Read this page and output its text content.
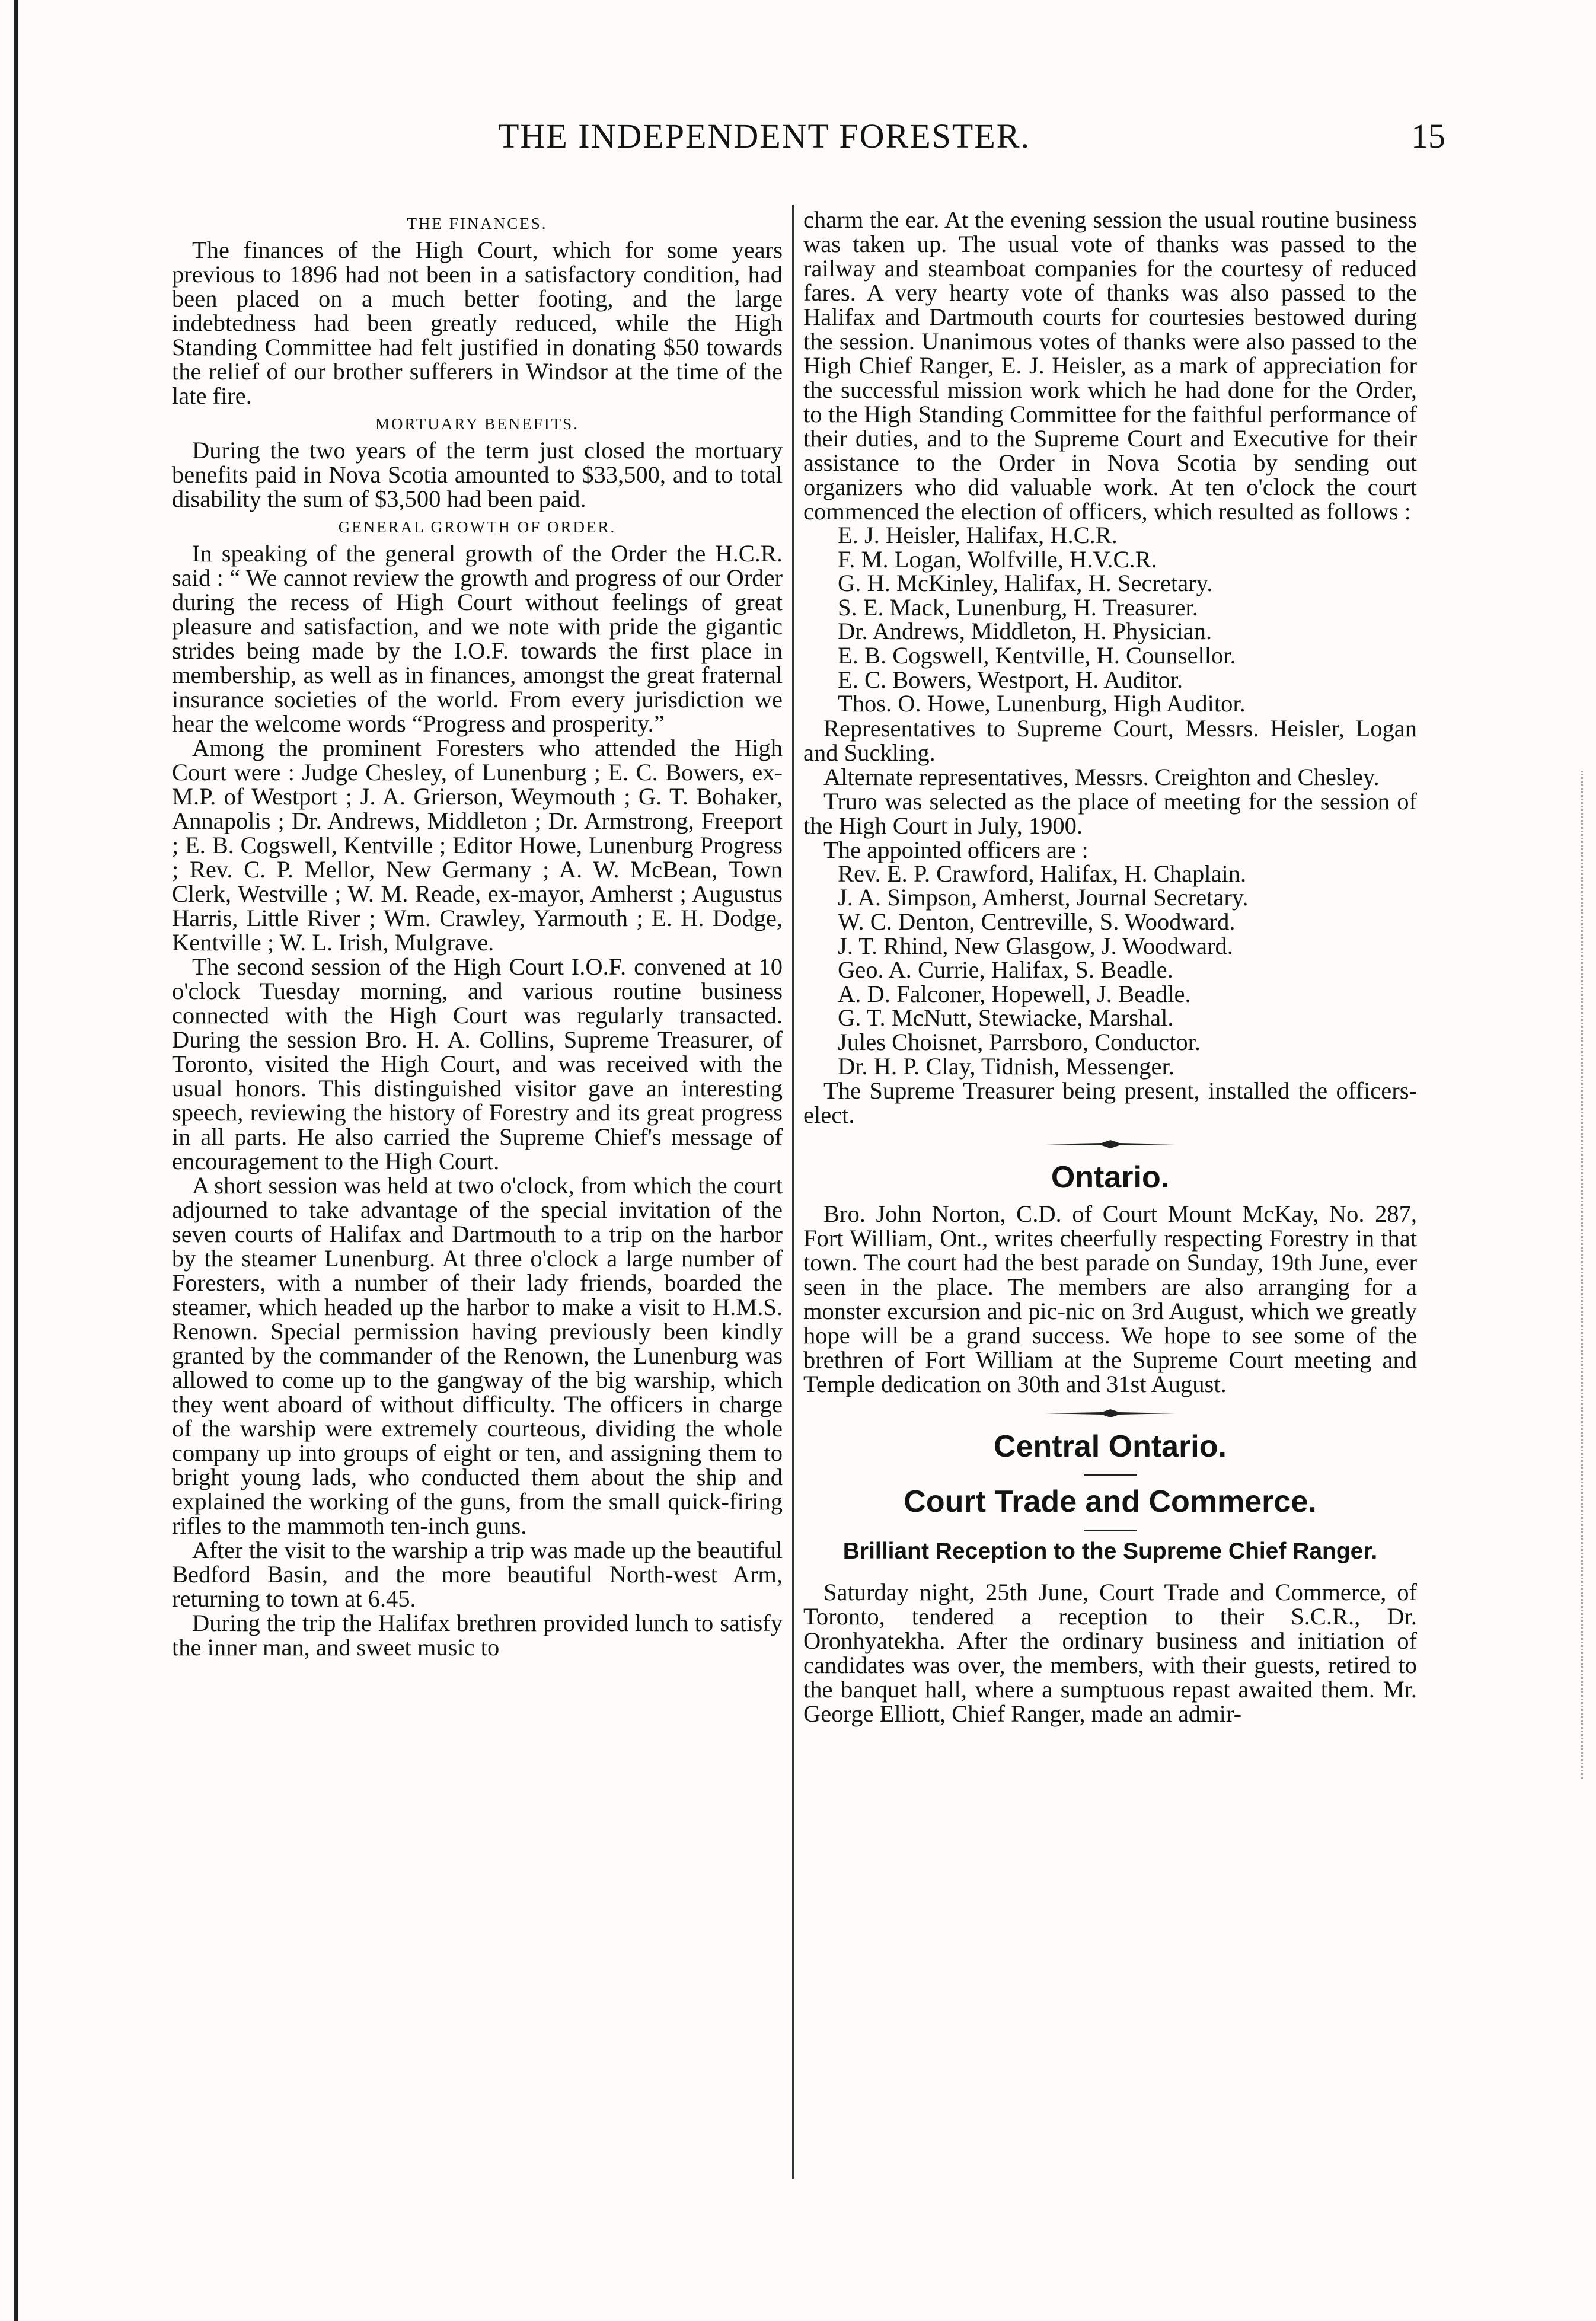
THE INDEPENDENT FORESTER.	15
THE FINANCES.

The finances of the High Court, which for some years previous to 1896 had not been in a satisfactory condition, had been placed on a much better footing, and the large indebtedness had been greatly reduced, while the High Standing Committee had felt justified in donating $50 towards the relief of our brother sufferers in Windsor at the time of the late fire.

MORTUARY BENEFITS.

During the two years of the term just closed the mortuary benefits paid in Nova Scotia amounted to $33,500, and to total disability the sum of $3,500 had been paid.

GENERAL GROWTH OF ORDER.

In speaking of the general growth of the Order the H.C.R. said : “ We cannot review the growth and progress of our Order during the recess of High Court without feelings of great pleasure and satisfaction, and we note with pride the gigantic strides being made by the I.O.F. towards the first place in membership, as well as in finances, amongst the great fraternal insurance societies of the world. From every jurisdiction we hear the welcome words “Progress and prosperity.”

Among the prominent Foresters who attended the High Court were : Judge Chesley, of Lunenburg ; E. C. Bowers, ex-M.P. of Westport ; J. A. Grierson, Weymouth ; G. T. Bohaker, Annapolis ; Dr. Andrews, Middleton ; Dr. Armstrong, Freeport ; E. B. Cogswell, Kentville ; Editor Howe, Lunenburg Progress ; Rev. C. P. Mellor, New Germany ; A. W. McBean, Town Clerk, Westville ; W. M. Reade, ex-mayor, Amherst ; Augustus Harris, Little River ; Wm. Crawley, Yarmouth ; E. H. Dodge, Kentville ; W. L. Irish, Mulgrave.

The second session of the High Court I.O.F. convened at 10 o'clock Tuesday morning, and various routine business connected with the High Court was regularly transacted. During the session Bro. H. A. Collins, Supreme Treasurer, of Toronto, visited the High Court, and was received with the usual honors. This distinguished visitor gave an interesting speech, reviewing the history of Forestry and its great progress in all parts. He also carried the Supreme Chief's message of encouragement to the High Court.

A short session was held at two o'clock, from which the court adjourned to take advantage of the special invitation of the seven courts of Halifax and Dartmouth to a trip on the harbor by the steamer Lunenburg. At three o'clock a large number of Foresters, with a number of their lady friends, boarded the steamer, which headed up the harbor to make a visit to H.M.S. Renown. Special permission having previously been kindly granted by the commander of the Renown, the Lunenburg was allowed to come up to the gangway of the big warship, which they went aboard of without difficulty. The officers in charge of the warship were extremely courteous, dividing the whole company up into groups of eight or ten, and assigning them to bright young lads, who conducted them about the ship and explained the working of the guns, from the small quick-firing rifles to the mammoth ten-inch guns.

After the visit to the warship a trip was made up the beautiful Bedford Basin, and the more beautiful North-west Arm, returning to town at 6.45.

During the trip the Halifax brethren provided lunch to satisfy the inner man, and sweet music to

charm the ear. At the evening session the usual routine business was taken up. The usual vote of thanks was passed to the railway and steamboat companies for the courtesy of reduced fares. A very hearty vote of thanks was also passed to the Halifax and Dartmouth courts for courtesies bestowed during the session. Unanimous votes of thanks were also passed to the High Chief Ranger, E. J. Heisler, as a mark of appreciation for the successful mission work which he had done for the Order, to the High Standing Committee for the faithful performance of their duties, and to the Supreme Court and Executive for their assistance to the Order in Nova Scotia by sending out organizers who did valuable work. At ten o'clock the court commenced the election of officers, which resulted as follows :

E. J. Heisler, Halifax, H.C.R.
F. M. Logan, Wolfville, H.V.C.R.
G. H. McKinley, Halifax, H. Secretary.
S. E. Mack, Lunenburg, H. Treasurer.
Dr. Andrews, Middleton, H. Physician.
E. B. Cogswell, Kentville, H. Counsellor.
E. C. Bowers, Westport, H. Auditor.
Thos. O. Howe, Lunenburg, High Auditor.

Representatives to Supreme Court, Messrs. Heisler, Logan and Suckling.

Alternate representatives, Messrs. Creighton and Chesley.

Truro was selected as the place of meeting for the session of the High Court in July, 1900.

The appointed officers are :

Rev. E. P. Crawford, Halifax, H. Chaplain.
J. A. Simpson, Amherst, Journal Secretary.
W. C. Denton, Centreville, S. Woodward.
J. T. Rhind, New Glasgow, J. Woodward.
Geo. A. Currie, Halifax, S. Beadle.
A. D. Falconer, Hopewell, J. Beadle.
G. T. McNutt, Stewiacke, Marshal.
Jules Choisnet, Parrsboro, Conductor.
Dr. H. P. Clay, Tidnish, Messenger.

The Supreme Treasurer being present, installed the officers-elect.

Ontario.

Bro. John Norton, C.D. of Court Mount McKay, No. 287, Fort William, Ont., writes cheerfully respecting Forestry in that town. The court had the best parade on Sunday, 19th June, ever seen in the place. The members are also arranging for a monster excursion and pic-nic on 3rd August, which we greatly hope will be a grand success. We hope to see some of the brethren of Fort William at the Supreme Court meeting and Temple dedication on 30th and 31st August.

Central Ontario.
Court Trade and Commerce.
Brilliant Reception to the Supreme Chief Ranger.

Saturday night, 25th June, Court Trade and Commerce, of Toronto, tendered a reception to their S.C.R., Dr. Oronhyatekha. After the ordinary business and initiation of candidates was over, the members, with their guests, retired to the banquet hall, where a sumptuous repast awaited them. Mr. George Elliott, Chief Ranger, made an admir-
